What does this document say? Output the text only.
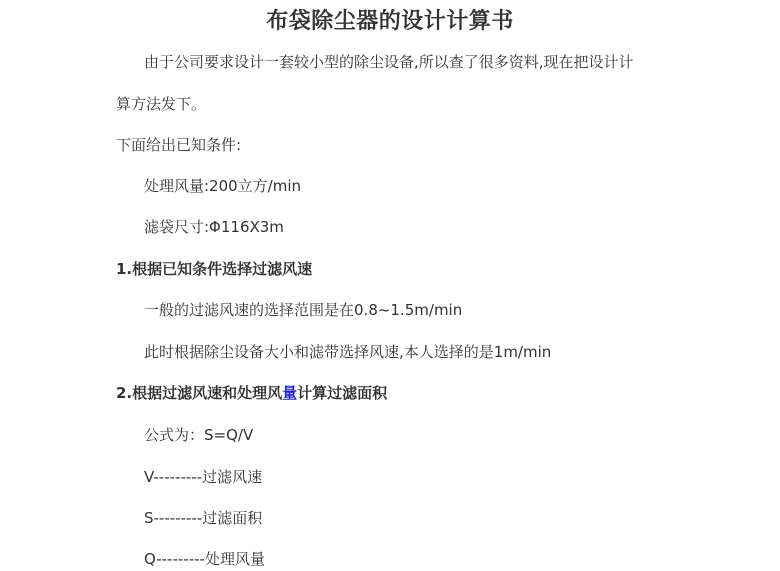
布袋除尘器的设计计算书
由于公司要求设计一套较小型的除尘设备,所以查了很多资料,现在把设计计
算方法发下。
下面给出已知条件:
处理风量:200立方/min
滤袋尺寸:Φ116X3m
1.根据已知条件选择过滤风速
一般的过滤风速的选择范围是在0.8~1.5m/min
此时根据除尘设备大小和滤带选择风速,本人选择的是1m/min
2.根据过滤风速和处理风量计算过滤面积
公式为：S=Q/V
V---------过滤风速
S---------过滤面积
Q---------处理风量
